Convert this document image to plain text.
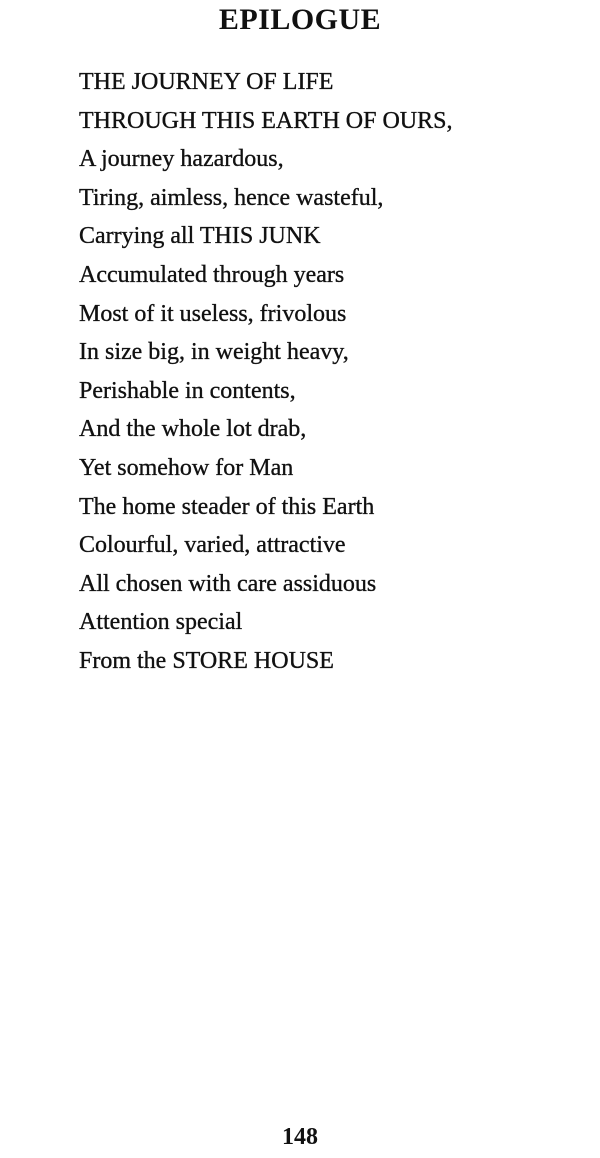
EPILOGUE
THE JOURNEY OF LIFE
THROUGH THIS EARTH OF OURS,
A journey hazardous,
Tiring, aimless, hence wasteful,
Carrying all THIS JUNK
Accumulated through years
Most of it useless, frivolous
In size big, in weight heavy,
Perishable in contents,
And the whole lot drab,
Yet somehow for Man
The home steader of this Earth
Colourful, varied, attractive
All chosen with care assiduous
Attention special
From the STORE HOUSE
148
